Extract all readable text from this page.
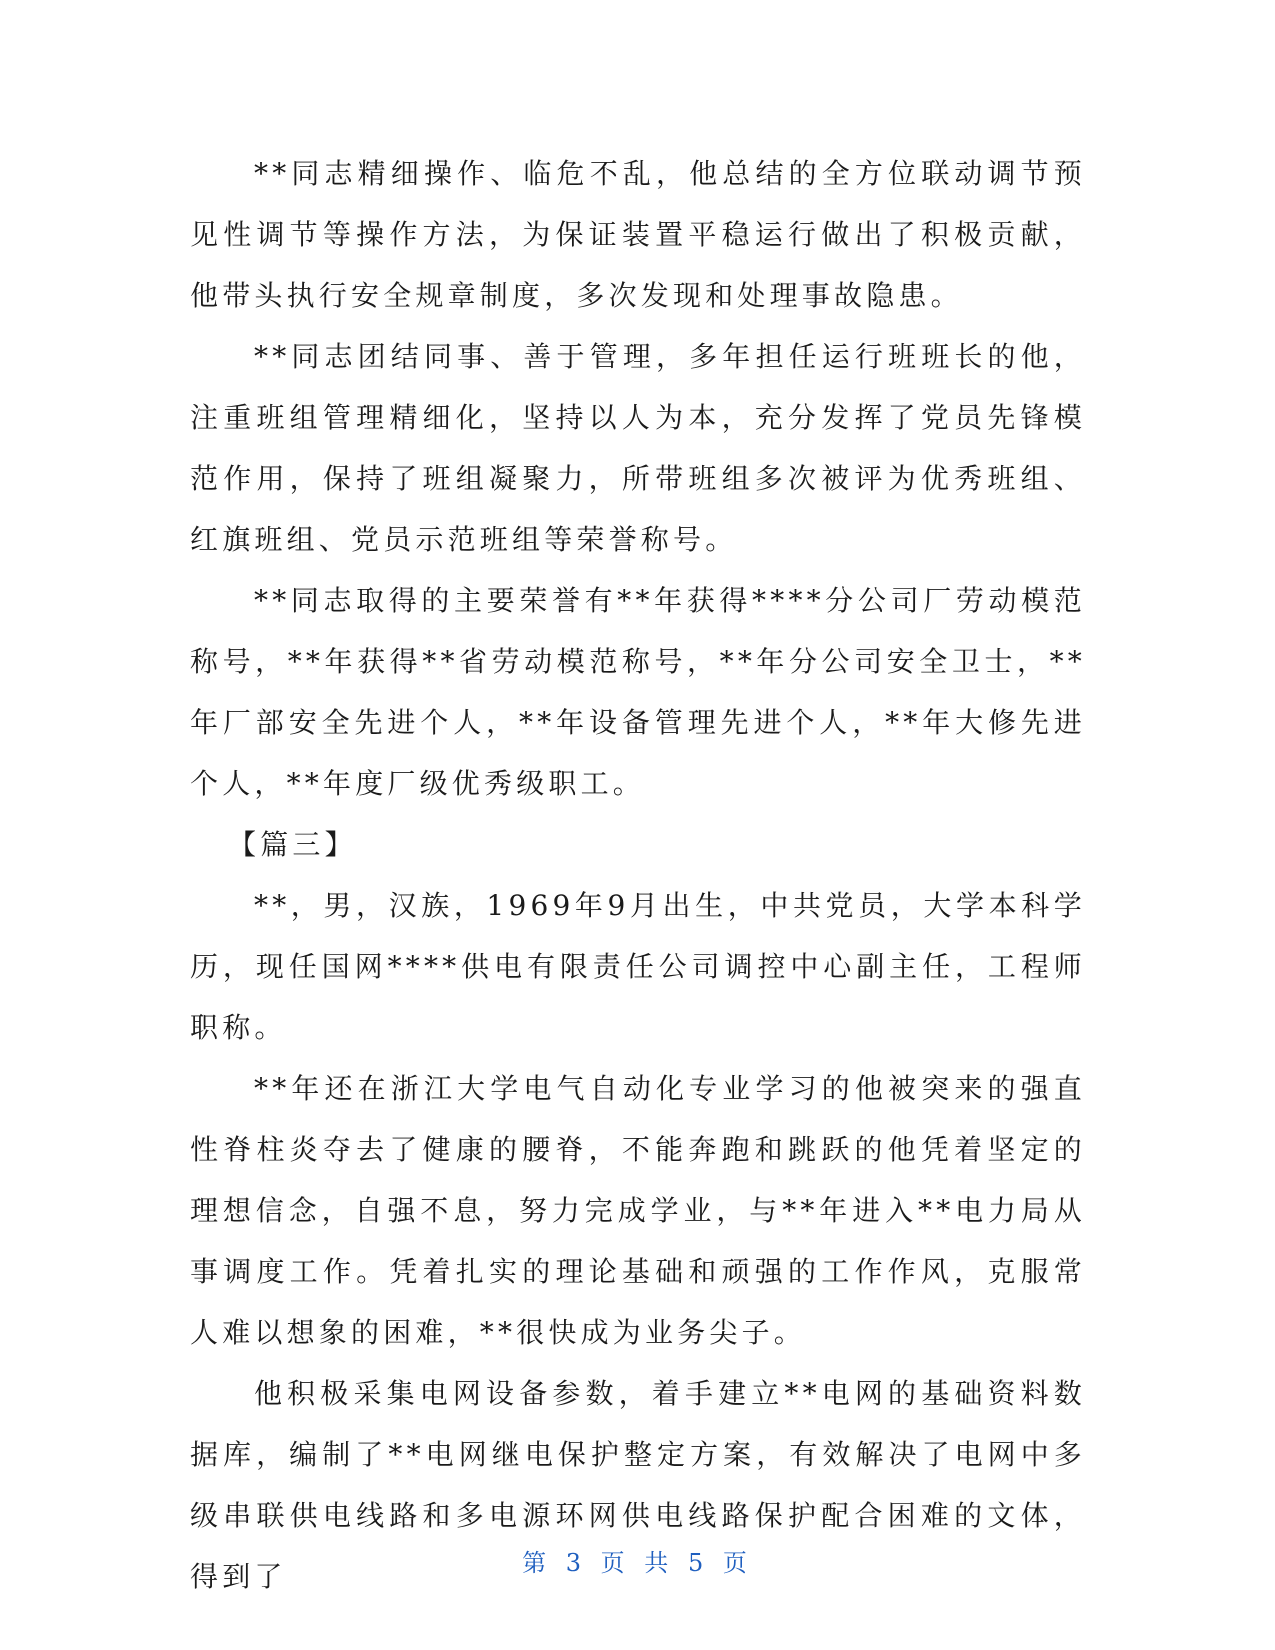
**同志精细操作、临危不乱，他总结的全方位联动调节预见性调节等操作方法，为保证装置平稳运行做出了积极贡献，他带头执行安全规章制度，多次发现和处理事故隐患。

**同志团结同事、善于管理，多年担任运行班班长的他，注重班组管理精细化，坚持以人为本，充分发挥了党员先锋模范作用，保持了班组凝聚力，所带班组多次被评为优秀班组、红旗班组、党员示范班组等荣誉称号。

**同志取得的主要荣誉有**年获得****分公司厂劳动模范称号，**年获得**省劳动模范称号，**年分公司安全卫士，**年厂部安全先进个人，**年设备管理先进个人，**年大修先进个人，**年度厂级优秀级职工。

【篇三】

**，男，汉族，1969年9月出生，中共党员，大学本科学历，现任国网****供电有限责任公司调控中心副主任，工程师职称。

**年还在浙江大学电气自动化专业学习的他被突来的强直性脊柱炎夺去了健康的腰脊，不能奔跑和跳跃的他凭着坚定的理想信念，自强不息，努力完成学业，与**年进入**电力局从事调度工作。凭着扎实的理论基础和顽强的工作作风，克服常人难以想象的困难，**很快成为业务尖子。

他积极采集电网设备参数，着手建立**电网的基础资料数据库，编制了**电网继电保护整定方案，有效解决了电网中多级串联供电线路和多电源环网供电线路保护配合困难的文体，得到了	第 3 页 共 5 页
